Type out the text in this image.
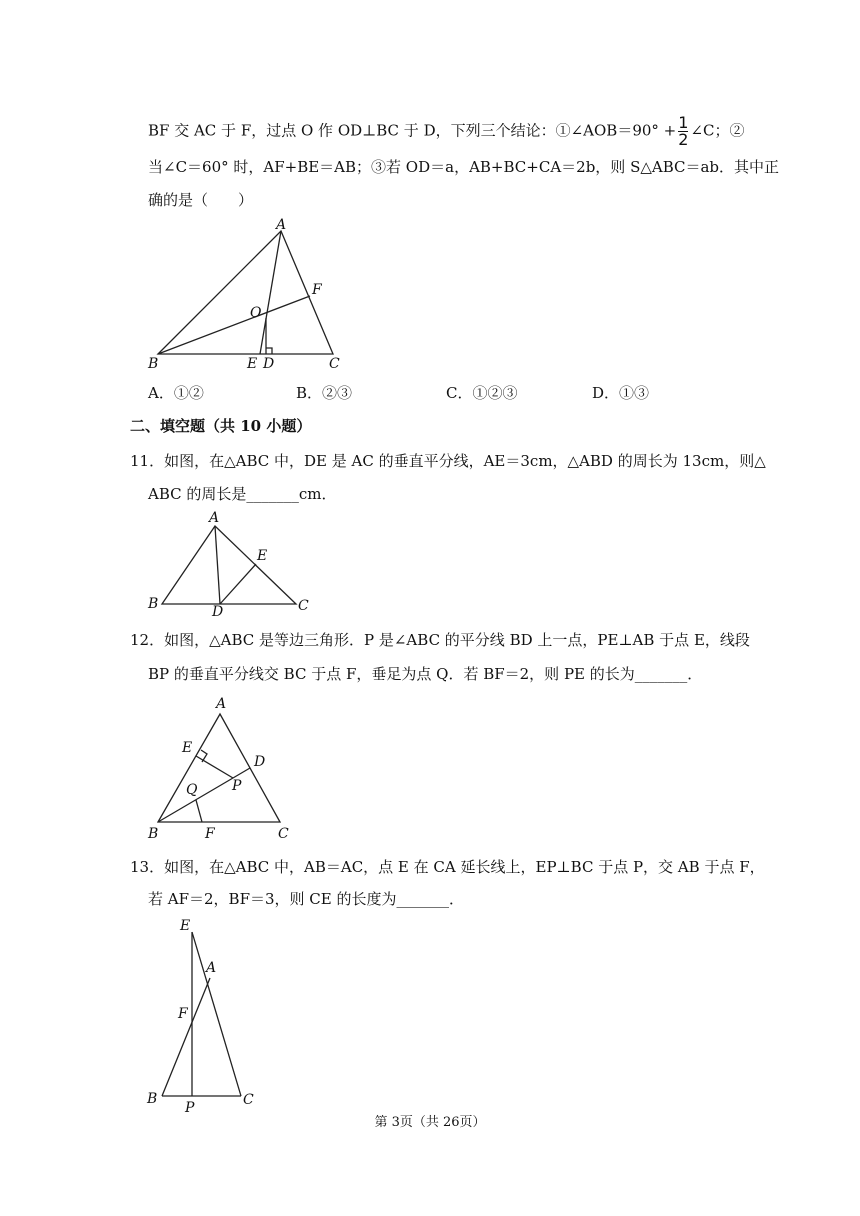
BF 交 AC 于 F，过点 O 作 OD⊥BC 于 D，下列三个结论：①∠AOB＝90° + $\frac{1}{2}$ ∠C；②
当∠C＝60° 时，AF+BE＝AB；③若 OD＝a，AB+BC+CA＝2b，则 S△ABC＝ab．其中正
确的是（　　）
A
B	C
O
F
E D
A
B	C
D
E
A
B	C
D
E
P
Q
F
E
A
F
B
P	C
A．①②	B．②③	C．①②③	D．①③
二、填空题（共 10 小题）
11．如图，在△ABC 中，DE 是 AC 的垂直平分线，AE＝3cm，△ABD 的周长为 13cm，则△
ABC 的周长是_______cm．
12．如图，△ABC 是等边三角形．P 是∠ABC 的平分线 BD 上一点，PE⊥AB 于点 E，线段
BP 的垂直平分线交 BC 于点 F，垂足为点 Q．若 BF＝2，则 PE 的长为_______．
13．如图，在△ABC 中，AB＝AC，点 E 在 CA 延长线上，EP⊥BC 于点 P，交 AB 于点 F，
若 AF＝2，BF＝3，则 CE 的长度为_______．
第 3页（共 26页）
